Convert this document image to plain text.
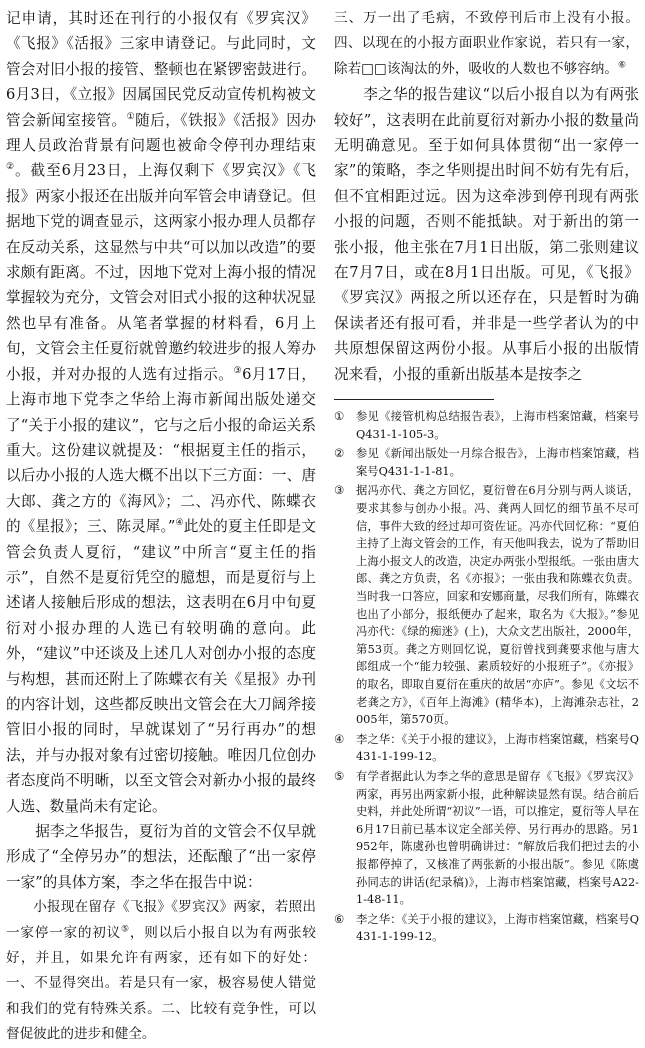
记申请，其时还在刊行的小报仅有《罗宾汉》《飞报》《活报》三家申请登记。与此同时，文管会对旧小报的接管、整顿也在紧锣密鼓进行。6月3日，《立报》因属国民党反动宣传机构被文管会新闻室接管。①随后，《铁报》《活报》因办理人员政治背景有问题也被命令停刊办理结束②。截至6月23日，上海仅剩下《罗宾汉》《飞报》两家小报还在出版并向军管会申请登记。但据地下党的调查显示，这两家小报办理人员都存在反动关系，这显然与中共“可以加以改造”的要求颇有距离。不过，因地下党对上海小报的情况掌握较为充分，文管会对旧式小报的这种状况显然也早有准备。从笔者掌握的材料看，6月上旬，文管会主任夏衍就曾邀约较进步的报人筹办小报，并对办报的人选有过指示。③6月17日，上海市地下党李之华给上海市新闻出版处递交了“关于小报的建议”，它与之后小报的命运关系重大。这份建议就提及：“根据夏主任的指示，以后办小报的人选大概不出以下三方面：一、唐大郎、龚之方的《海风》；二、冯亦代、陈蝶衣的《星报》；三、陈灵犀。”④此处的夏主任即是文管会负责人夏衍，“建议”中所言“夏主任的指示”，自然不是夏衍凭空的臆想，而是夏衍与上述诸人接触后形成的想法，这表明在6月中旬夏衍对小报办理的人选已有较明确的意向。此外，“建议”中还谈及上述几人对创办小报的态度与构想，甚而还附上了陈蝶衣有关《星报》办刊的内容计划，这些都反映出文管会在大刀阔斧接管旧小报的同时，早就谋划了“另行再办”的想法，并与办报对象有过密切接触。唯因几位创办者态度尚不明晰，以至文管会对新办小报的最终人选、数量尚未有定论。

据李之华报告，夏衍为首的文管会不仅早就形成了“全停另办”的想法，还酝酿了“出一家停一家”的具体方案，李之华在报告中说：

小报现在留存《飞报》《罗宾汉》两家，若照出一家停一家的初议⑤，则以后小报自以为有两张较好，并且，如果允许有两家，还有如下的好处：一、不显得突出。若是只有一家，极容易使人错觉和我们的党有特殊关系。二、比较有竞争性，可以督促彼此的进步和健全。

三、万一出了毛病，不致停刊后市上没有小报。四、以现在的小报方面职业作家说，若只有一家，除若□□该淘汰的外，吸收的人数也不够容纳。⑥

李之华的报告建议“以后小报自以为有两张较好”，这表明在此前夏衍对新办小报的数量尚无明确意见。至于如何具体贯彻“出一家停一家”的策略，李之华则提出时间不妨有先有后，但不宜相距过远。因为这牵涉到停刊现有两张小报的问题，否则不能抵缺。对于新出的第一张小报，他主张在7月1日出版，第二张则建议在7月7日，或在8月1日出版。可见，《飞报》《罗宾汉》两报之所以还存在，只是暂时为确保读者还有报可看，并非是一些学者认为的中共原想保留这两份小报。从事后小报的出版情况来看，小报的重新出版基本是按李之

①	参见《接管机构总结报告表》，上海市档案馆藏，档案号Q431-1-105-3。
②	参见《新闻出版处一月综合报告》，上海市档案馆藏，档案号Q431-1-1-81。
③	据冯亦代、龚之方回忆，夏衍曾在6月分别与两人谈话，要求其参与创办小报。冯、龚两人回忆的细节虽不尽可信，事件大致的经过却可资佐证。冯亦代回忆称：“夏伯主持了上海文管会的工作，有天他叫我去，说为了帮助旧上海小报文人的改造，决定办两张小型报纸。一张由唐大郎、龚之方负责，名《亦报》；一张由我和陈蝶衣负责。当时我一口答应，回家和安娜商量，尽我们所有，陈蝶衣也出了小部分，报纸便办了起来，取名为《大报》。”参见冯亦代：《绿的痴迷》(上)，大众文艺出版社，2000年，第53页。龚之方则回忆说，夏衍曾找到龚要求他与唐大郎组成一个“能力较强、素质较好的小报班子”。《亦报》的取名，即取自夏衍在重庆的故居“亦庐”。参见《文坛不老龚之方》，《百年上海滩》(精华本)，上海滩杂志社，2005年，第570页。
④	李之华：《关于小报的建议》，上海市档案馆藏，档案号Q431-1-199-12。
⑤	有学者据此认为李之华的意思是留存《飞报》《罗宾汉》两家，再另出两家新小报，此种解读显然有误。结合前后史料，并此处所谓“初议”一语，可以推定，夏衍等人早在6月17日前已基本议定全部关停、另行再办的思路。另1952年，陈虞孙也曾明确讲过：“解放后我们把过去的小报都停掉了，又核准了两张新的小报出版”。参见《陈虞孙同志的讲话(纪录稿)》，上海市档案馆藏，档案号A22-1-48-11。
⑥	李之华：《关于小报的建议》，上海市档案馆藏，档案号Q431-1-199-12。
